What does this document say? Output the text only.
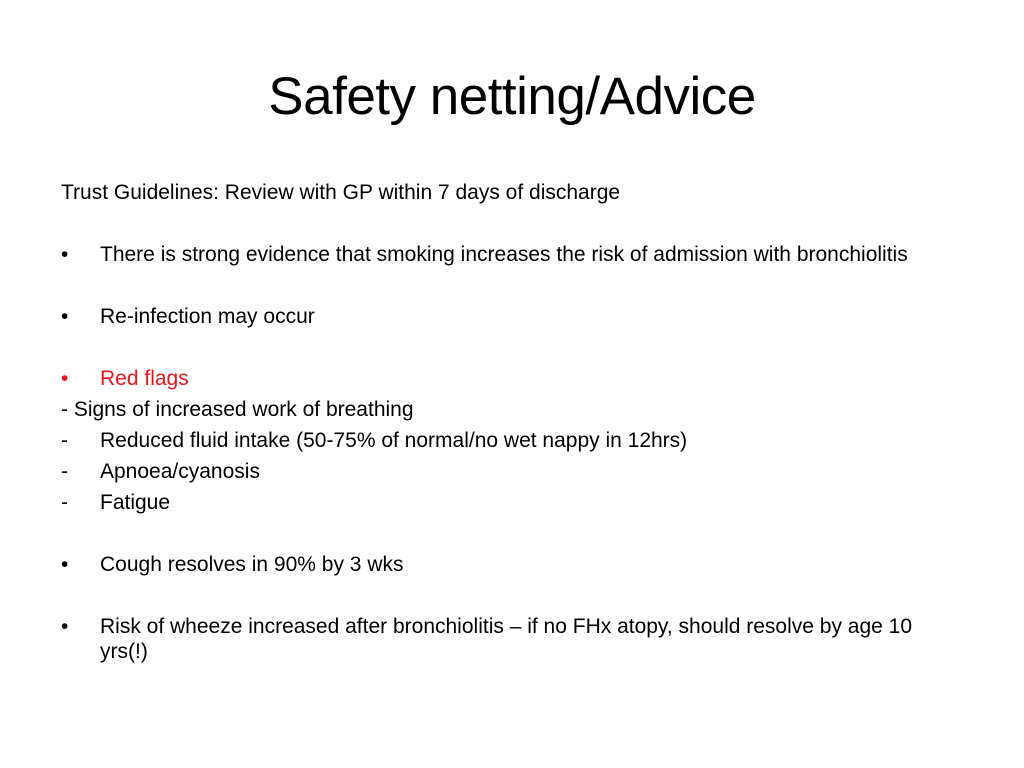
Safety netting/Advice

Trust Guidelines: Review with GP within 7 days of discharge

•	There is strong evidence that smoking increases the risk of admission with bronchiolitis
•	Re-infection may occur
•	Red flags

- Signs of increased work of breathing

-	Reduced fluid intake (50-75% of normal/no wet nappy in 12hrs)
-	Apnoea/cyanosis
-	Fatigue
•	Cough resolves in 90% by 3 wks
•	Risk of wheeze increased after bronchiolitis – if no FHx atopy, should resolve by age 10 yrs(!)
